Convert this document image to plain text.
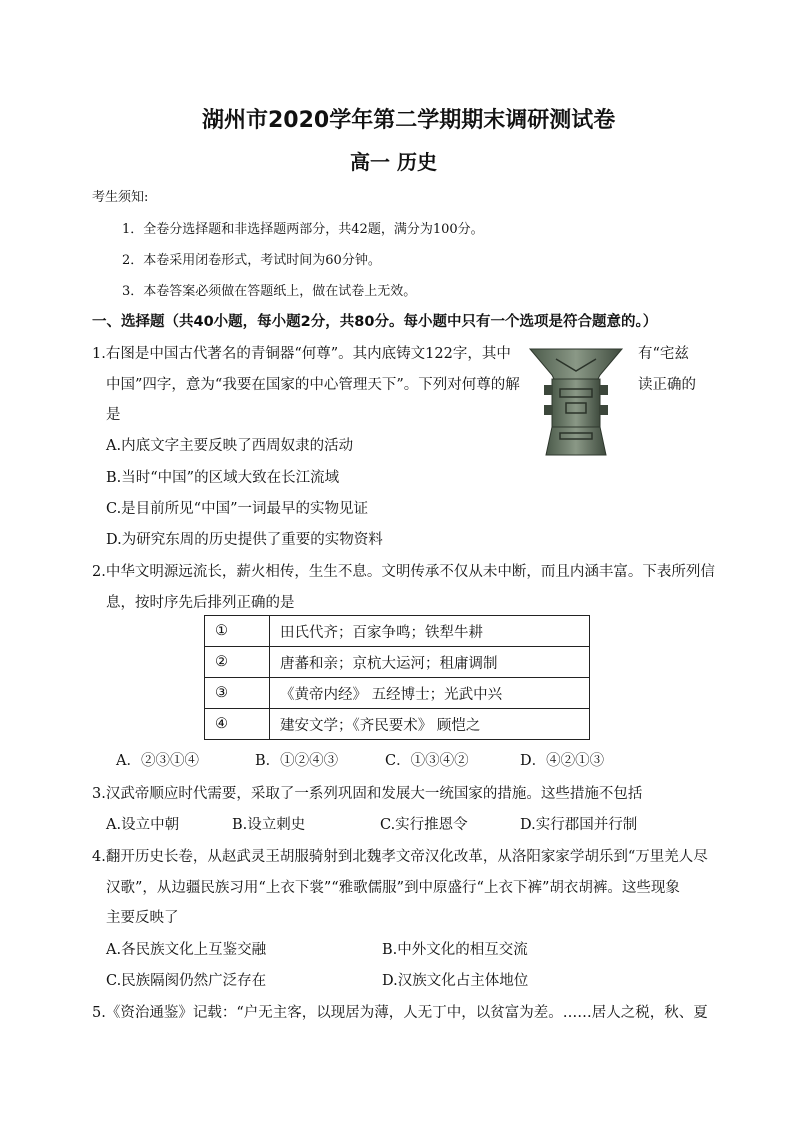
湖州市2020学年第二学期期末调研测试卷
高一 历史
考生须知:
1．全卷分选择题和非选择题两部分，共42题，满分为100分。
2．本卷采用闭卷形式，考试时间为60分钟。
3．本卷答案必须做在答题纸上，做在试卷上无效。
一、选择题（共40小题，每小题2分，共80分。每小题中只有一个选项是符合题意的。）
1.右图是中国古代著名的青铜器“何尊”。其内底铸文122字，其中	有“宅兹
中国”四字，意为“我要在国家的中心管理天下”。下列对何尊的解	读正确的
是
A.内底文字主要反映了西周奴隶的活动
B.当时“中国”的区域大致在长江流域
C.是目前所见“中国”一词最早的实物见证
D.为研究东周的历史提供了重要的实物资料
2.中华文明源远流长，薪火相传，生生不息。文明传承不仅从未中断，而且内涵丰富。下表所列信
息，按时序先后排列正确的是
①	田氏代齐；百家争鸣；铁犁牛耕
②	唐蕃和亲；京杭大运河；租庸调制
③	《黄帝内经》 五经博士；光武中兴
④	建安文学；《齐民要术》 顾恺之
A．②③①④	B．①②④③	C．①③④②	D．④②①③
3.汉武帝顺应时代需要，采取了一系列巩固和发展大一统国家的措施。这些措施不包括
A.设立中朝	B.设立刺史	C.实行推恩令	D.实行郡国并行制
4.翻开历史长卷，从赵武灵王胡服骑射到北魏孝文帝汉化改革，从洛阳家家学胡乐到“万里羌人尽
汉歌”，从边疆民族习用“上衣下裳”“雅歌儒服”到中原盛行“上衣下裤”胡衣胡裤。这些现象
主要反映了
A.各民族文化上互鉴交融	B.中外文化的相互交流
C.民族隔阂仍然广泛存在	D.汉族文化占主体地位
5.《资治通鉴》记载：“户无主客，以现居为薄，人无丁中，以贫富为差。……居人之税，秋、夏
